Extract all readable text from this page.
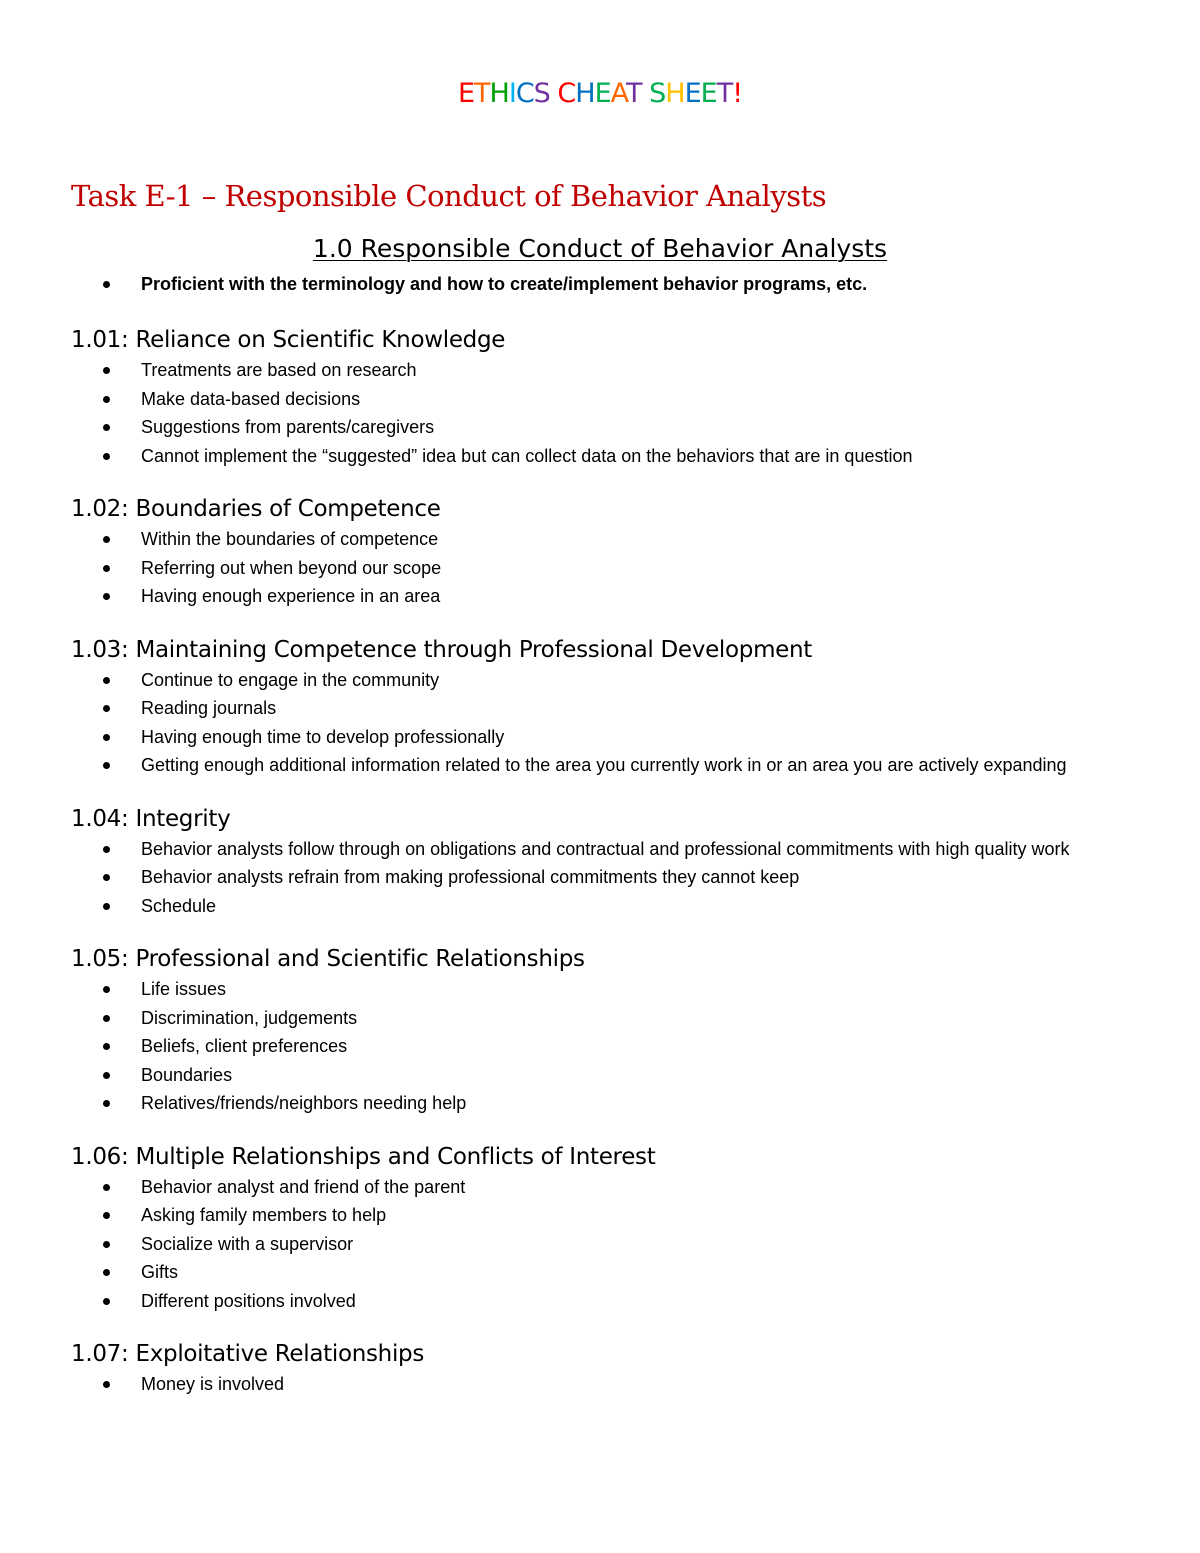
ETHICS CHEAT SHEET!
Task E-1 – Responsible Conduct of Behavior Analysts
1.0 Responsible Conduct of Behavior Analysts
Proficient with the terminology and how to create/implement behavior programs, etc.
1.01: Reliance on Scientific Knowledge
Treatments are based on research
Make data-based decisions
Suggestions from parents/caregivers
Cannot implement the “suggested” idea but can collect data on the behaviors that are in question
1.02: Boundaries of Competence
Within the boundaries of competence
Referring out when beyond our scope
Having enough experience in an area
1.03: Maintaining Competence through Professional Development
Continue to engage in the community
Reading journals
Having enough time to develop professionally
Getting enough additional information related to the area you currently work in or an area you are actively expanding
1.04: Integrity
Behavior analysts follow through on obligations and contractual and professional commitments with high quality work
Behavior analysts refrain from making professional commitments they cannot keep
Schedule
1.05: Professional and Scientific Relationships
Life issues
Discrimination, judgements
Beliefs, client preferences
Boundaries
Relatives/friends/neighbors needing help
1.06: Multiple Relationships and Conflicts of Interest
Behavior analyst and friend of the parent
Asking family members to help
Socialize with a supervisor
Gifts
Different positions involved
1.07: Exploitative Relationships
Money is involved
